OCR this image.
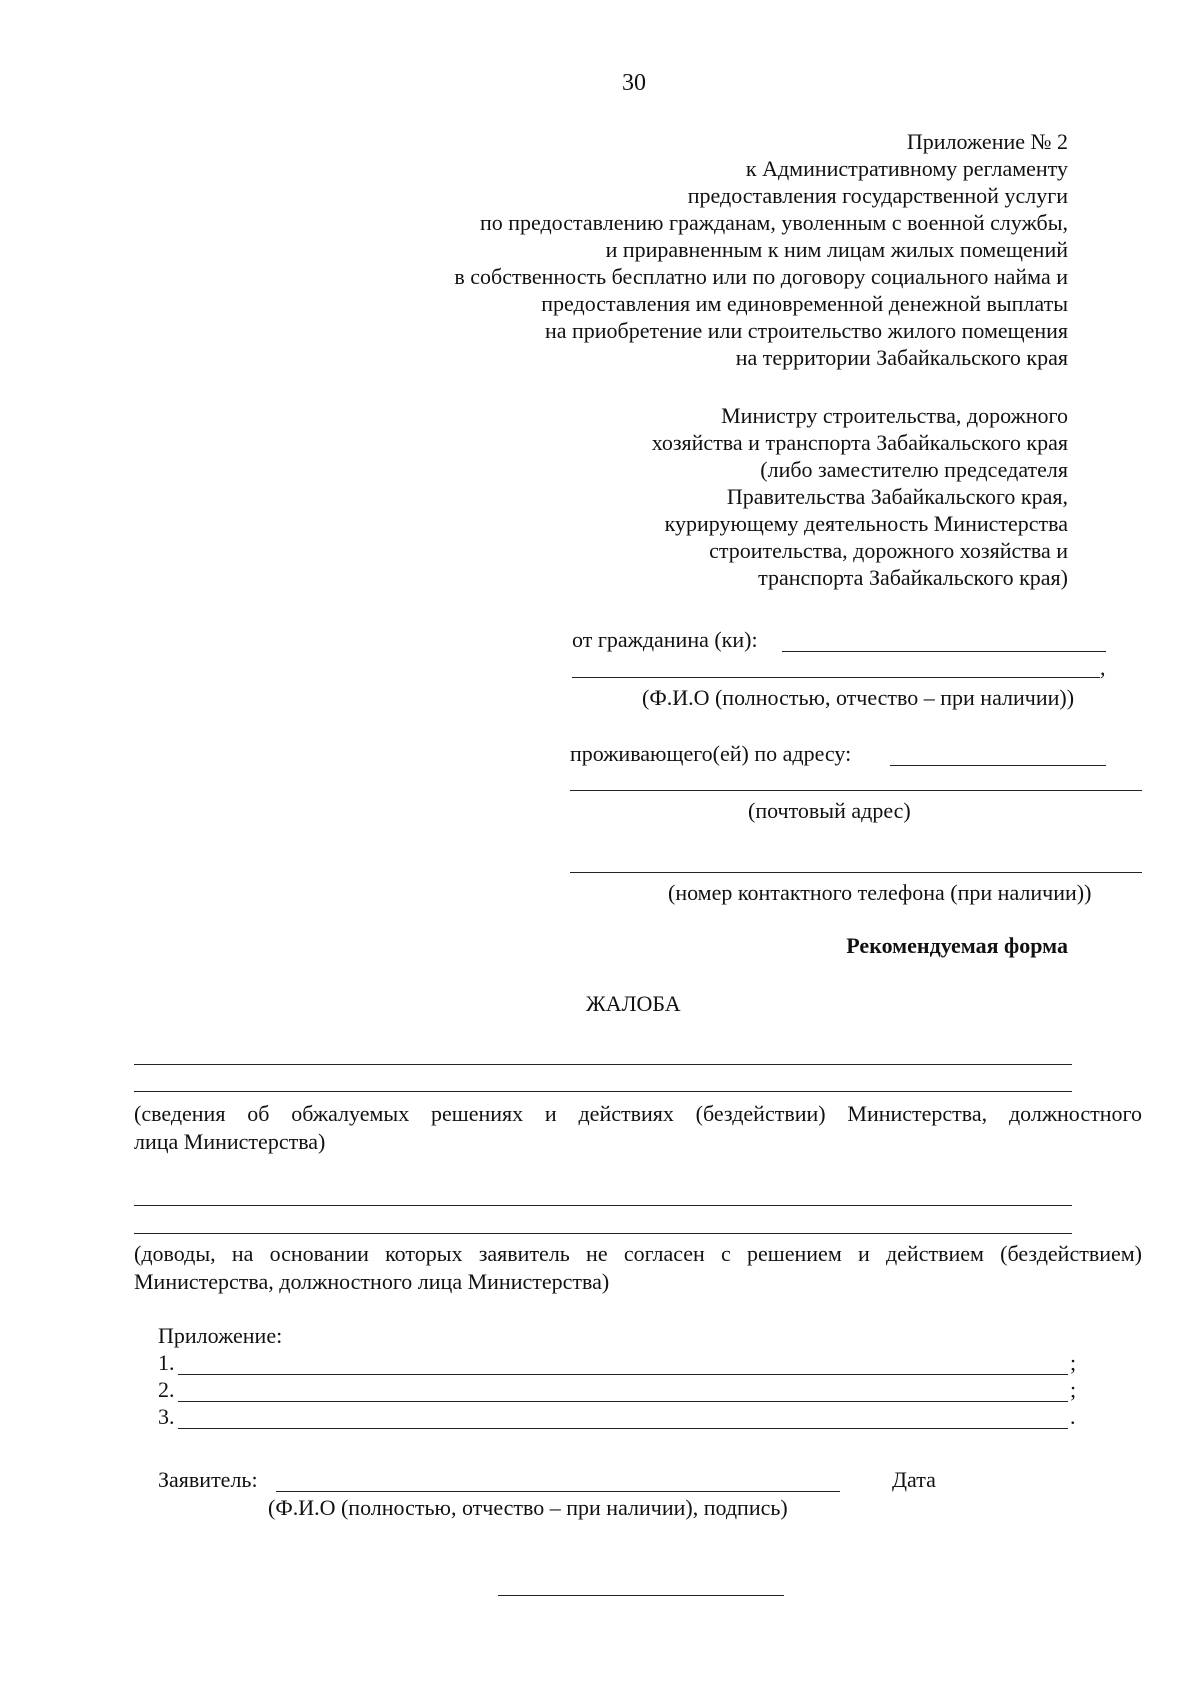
30
Приложение № 2
к Административному регламенту
предоставления государственной услуги
по предоставлению гражданам, уволенным с военной службы,
и приравненным к ним лицам жилых помещений
в собственность бесплатно или по договору социального найма и
предоставления им единовременной денежной выплаты
на приобретение или строительство жилого помещения
на территории Забайкальского края
Министру строительства, дорожного
хозяйства и транспорта Забайкальского края
(либо заместителю председателя
Правительства Забайкальского края,
курирующему деятельность Министерства
строительства, дорожного хозяйства и
транспорта Забайкальского края)
от гражданина (ки):
,
(Ф.И.О (полностью, отчество – при наличии))
проживающего(ей) по адресу:
(почтовый адрес)
(номер контактного телефона (при наличии))
Рекомендуемая форма
ЖАЛОБА
(сведения об обжалуемых решениях и действиях (бездействии) Министерства, должностного
лица Министерства)
(доводы, на основании которых заявитель не согласен с решением и действием (бездействием)
Министерства, должностного лица Министерства)
Приложение:
1.	;
2.	;
3.	.
Заявитель:	Дата
(Ф.И.О (полностью, отчество – при наличии), подпись)
